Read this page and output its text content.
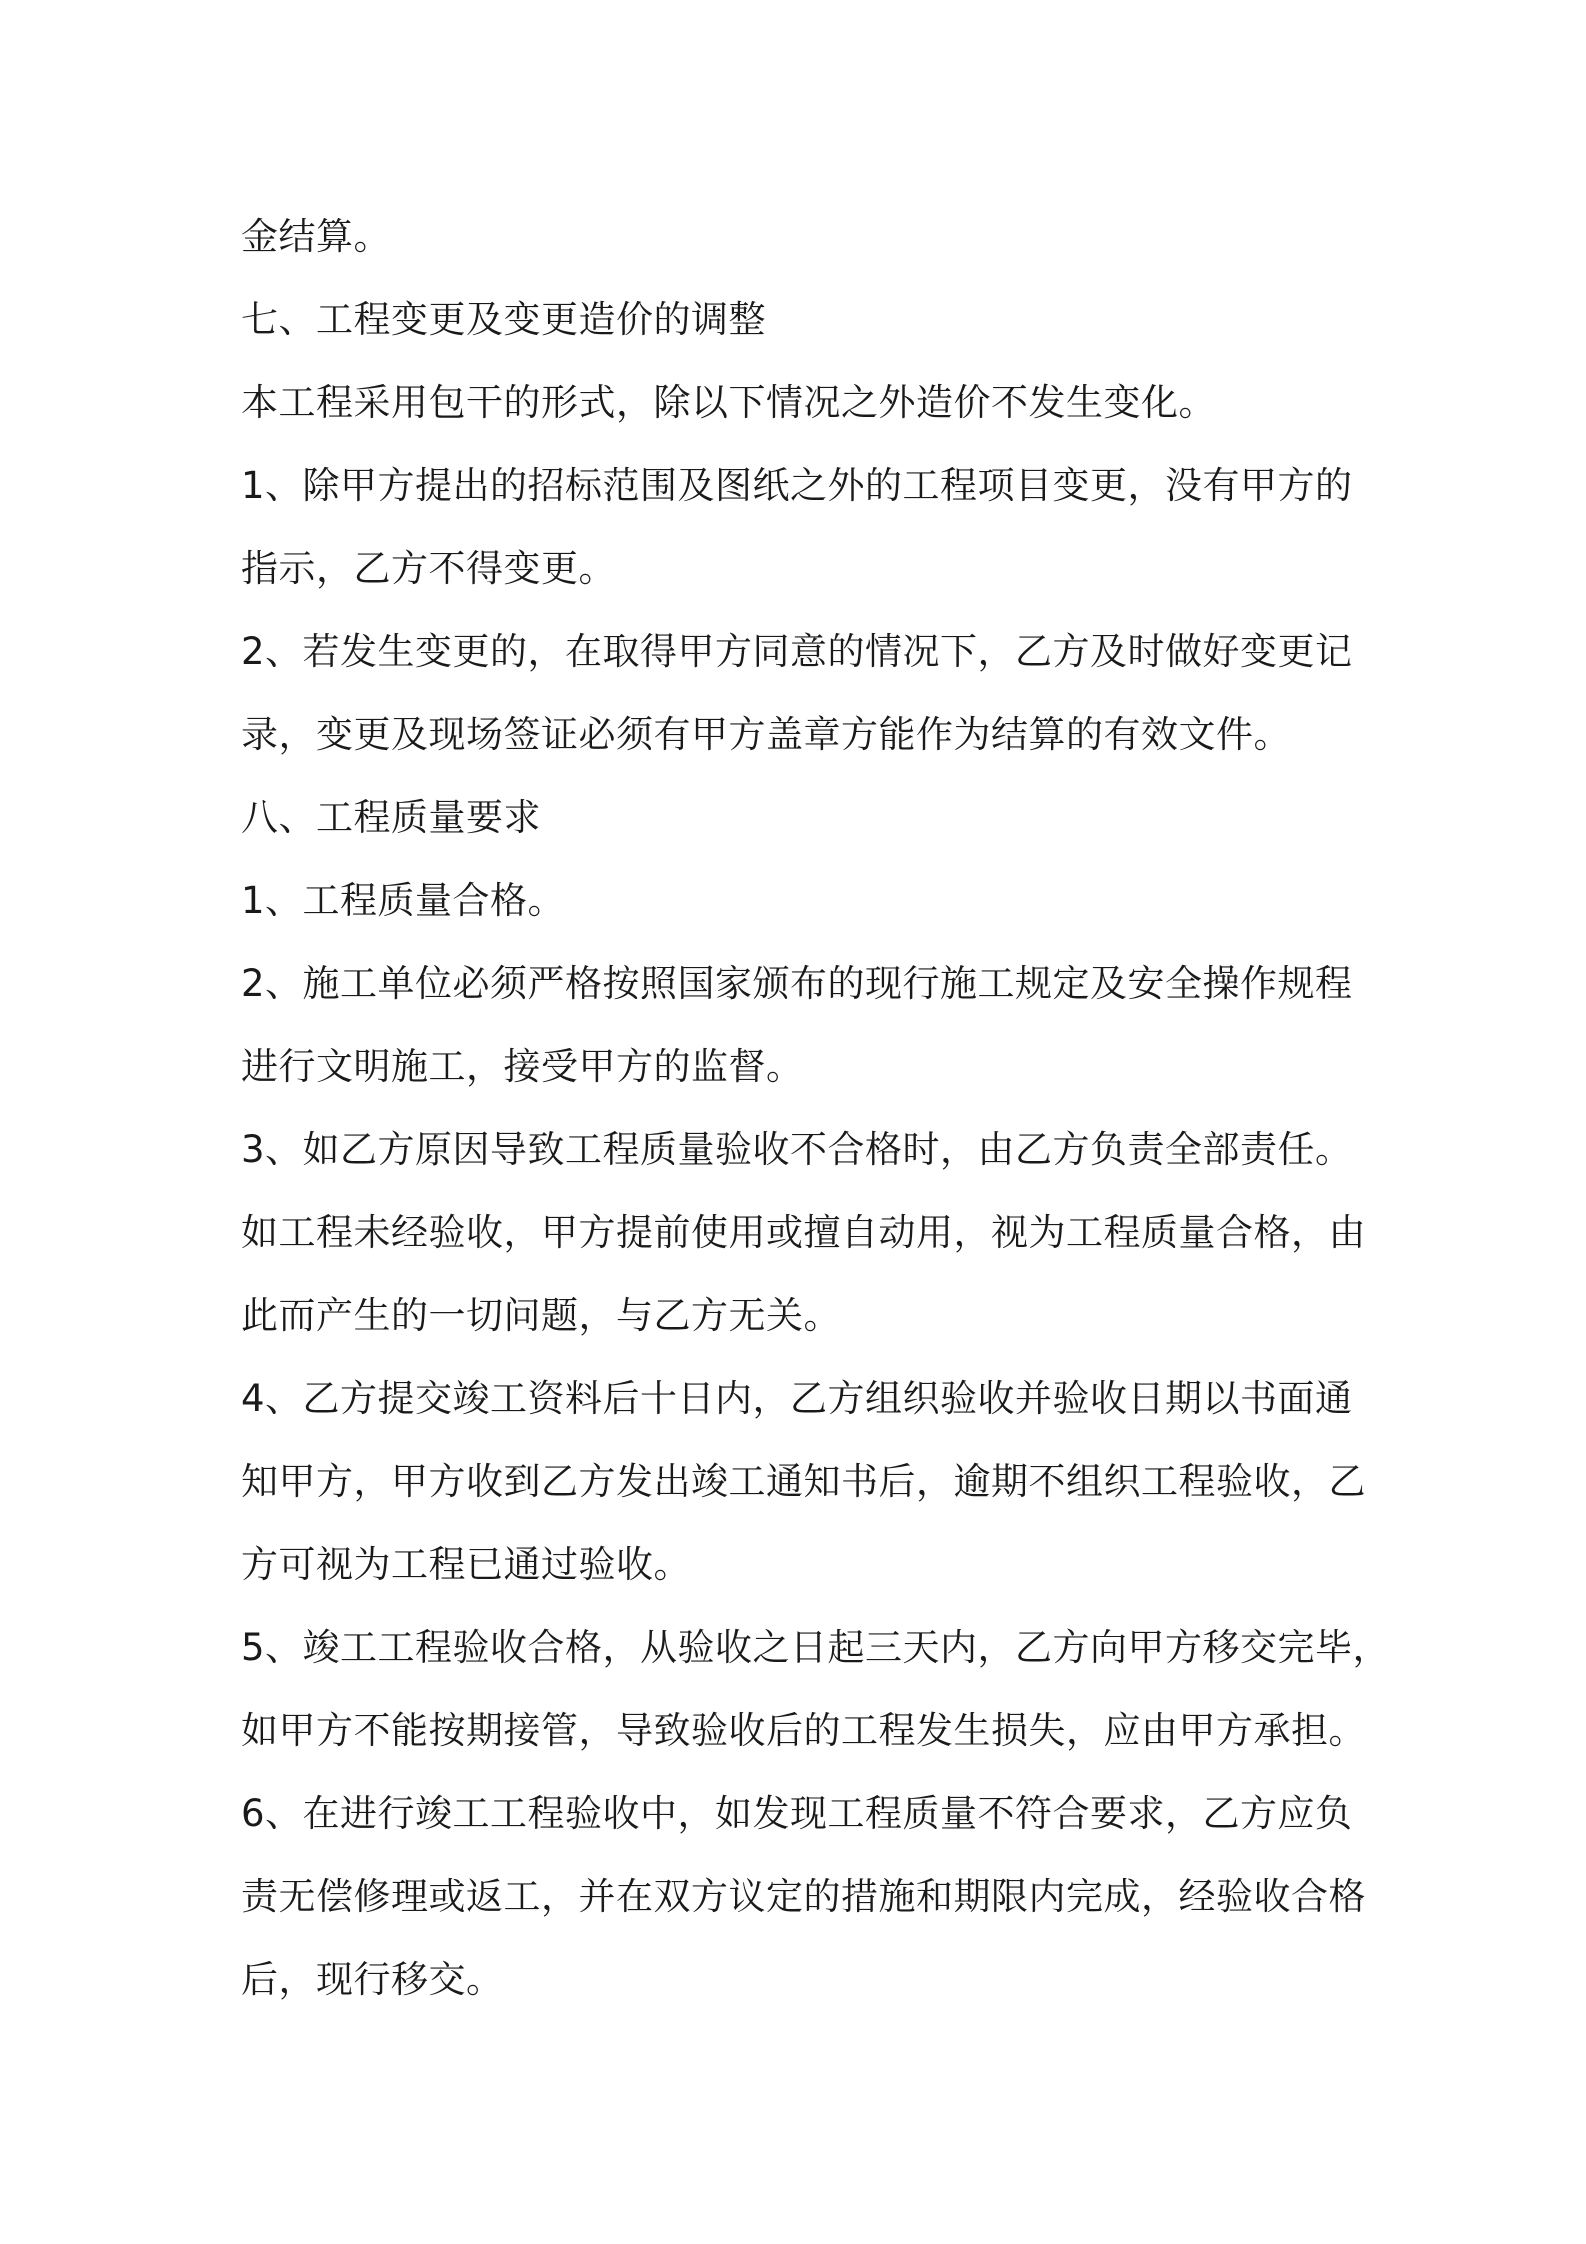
金结算。

七、工程变更及变更造价的调整

本工程采用包干的形式，除以下情况之外造价不发生变化。

1、除甲方提出的招标范围及图纸之外的工程项目变更，没有甲方的
指示，乙方不得变更。

2、若发生变更的，在取得甲方同意的情况下，乙方及时做好变更记
录，变更及现场签证必须有甲方盖章方能作为结算的有效文件。

八、工程质量要求

1、工程质量合格。

2、施工单位必须严格按照国家颁布的现行施工规定及安全操作规程
进行文明施工，接受甲方的监督。

3、如乙方原因导致工程质量验收不合格时，由乙方负责全部责任。
如工程未经验收，甲方提前使用或擅自动用，视为工程质量合格，由
此而产生的一切问题，与乙方无关。

4、乙方提交竣工资料后十日内，乙方组织验收并验收日期以书面通
知甲方，甲方收到乙方发出竣工通知书后，逾期不组织工程验收，乙
方可视为工程已通过验收。

5、竣工工程验收合格，从验收之日起三天内，乙方向甲方移交完毕，
如甲方不能按期接管，导致验收后的工程发生损失，应由甲方承担。

6、在进行竣工工程验收中，如发现工程质量不符合要求，乙方应负
责无偿修理或返工，并在双方议定的措施和期限内完成，经验收合格
后，现行移交。
